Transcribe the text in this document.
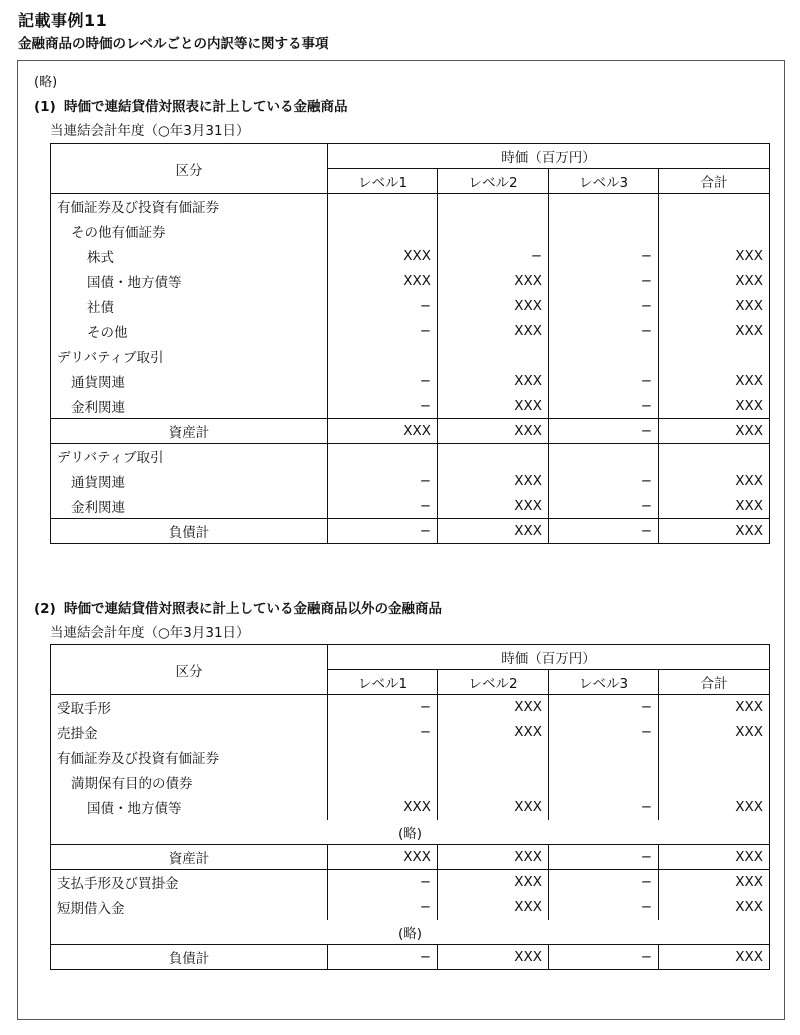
記載事例11
金融商品の時価のレベルごとの内訳等に関する事項
(略)
(1) 時価で連結貸借対照表に計上している金融商品
当連結会計年度（○年3月31日）
区分	時価（百万円）			
	レベル1	レベル2	レベル3	合計
有価証券及び投資有価証券				
その他有価証券				
株式	XXX	−	−	XXX
国債・地方債等	XXX	XXX	−	XXX
社債	−	XXX	−	XXX
その他	−	XXX	−	XXX
デリバティブ取引				
通貨関連	−	XXX	−	XXX
金利関連	−	XXX	−	XXX
資産計	XXX	XXX	−	XXX
デリバティブ取引				
通貨関連	−	XXX	−	XXX
金利関連	−	XXX	−	XXX
負債計	−	XXX	−	XXX
(2) 時価で連結貸借対照表に計上している金融商品以外の金融商品
当連結会計年度（○年3月31日）
区分	時価（百万円）			
	レベル1	レベル2	レベル3	合計
受取手形	−	XXX	−	XXX
売掛金	−	XXX	−	XXX
有価証券及び投資有価証券				
満期保有目的の債券				
国債・地方債等	XXX	XXX	−	XXX
(略)				
資産計	XXX	XXX	−	XXX
支払手形及び買掛金	−	XXX	−	XXX
短期借入金	−	XXX	−	XXX
(略)				
負債計	−	XXX	−	XXX
